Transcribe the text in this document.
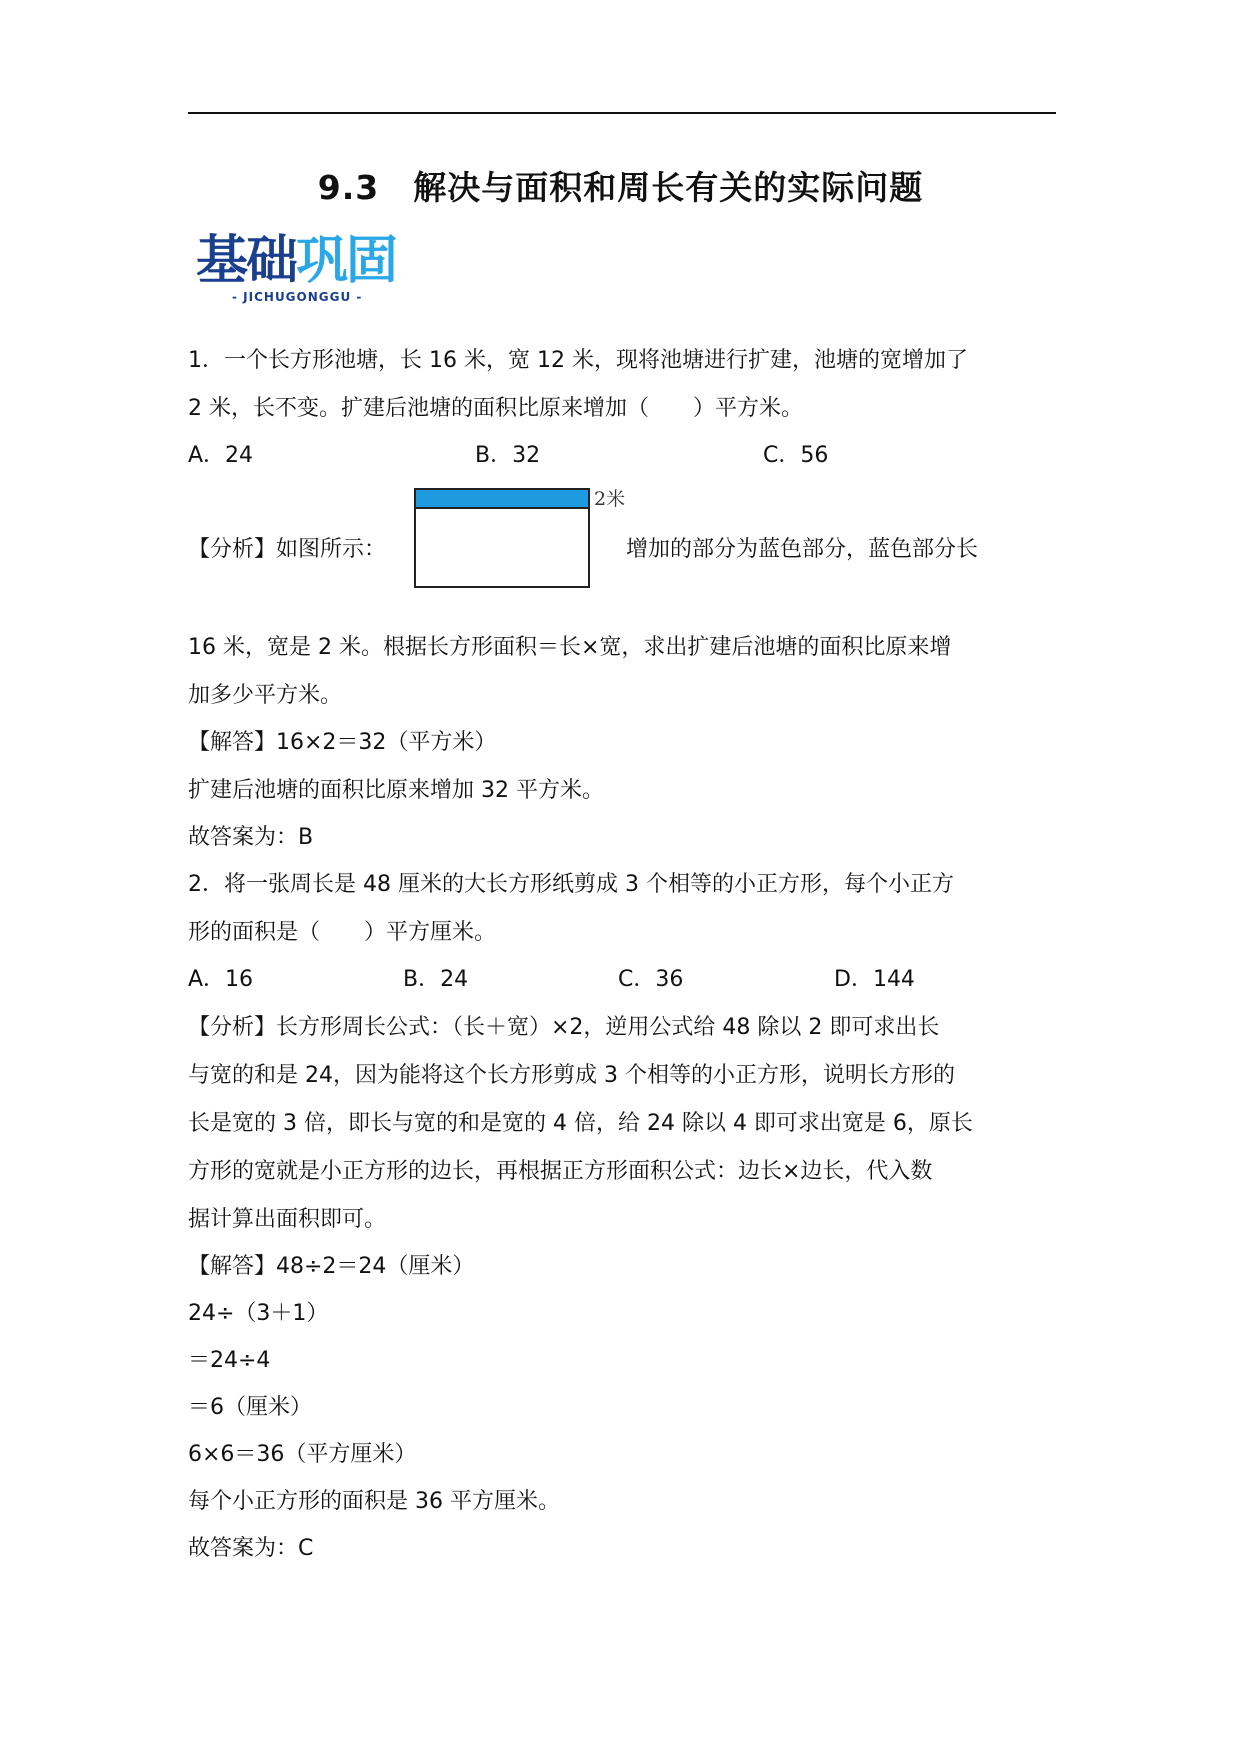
9.3　解决与面积和周长有关的实际问题
基础巩固
- JICHUGONGGU -
1．一个长方形池塘，长 16 米，宽 12 米，现将池塘进行扩建，池塘的宽增加了
2 米，长不变。扩建后池塘的面积比原来增加（　　）平方米。
A．24	B．32	C．56
【分析】如图所示：
2米
增加的部分为蓝色部分，蓝色部分长
16 米，宽是 2 米。根据长方形面积＝长×宽，求出扩建后池塘的面积比原来增
加多少平方米。
【解答】16×2＝32（平方米）
扩建后池塘的面积比原来增加 32 平方米。
故答案为：B
2．将一张周长是 48 厘米的大长方形纸剪成 3 个相等的小正方形，每个小正方
形的面积是（　　）平方厘米。
A．16	B．24	C．36	D．144
【分析】长方形周长公式：（长＋宽）×2，逆用公式给 48 除以 2 即可求出长
与宽的和是 24，因为能将这个长方形剪成 3 个相等的小正方形，说明长方形的
长是宽的 3 倍，即长与宽的和是宽的 4 倍，给 24 除以 4 即可求出宽是 6，原长
方形的宽就是小正方形的边长，再根据正方形面积公式：边长×边长，代入数
据计算出面积即可。
【解答】48÷2＝24（厘米）
24÷（3＋1）
＝24÷4
＝6（厘米）
6×6＝36（平方厘米）
每个小正方形的面积是 36 平方厘米。
故答案为：C
